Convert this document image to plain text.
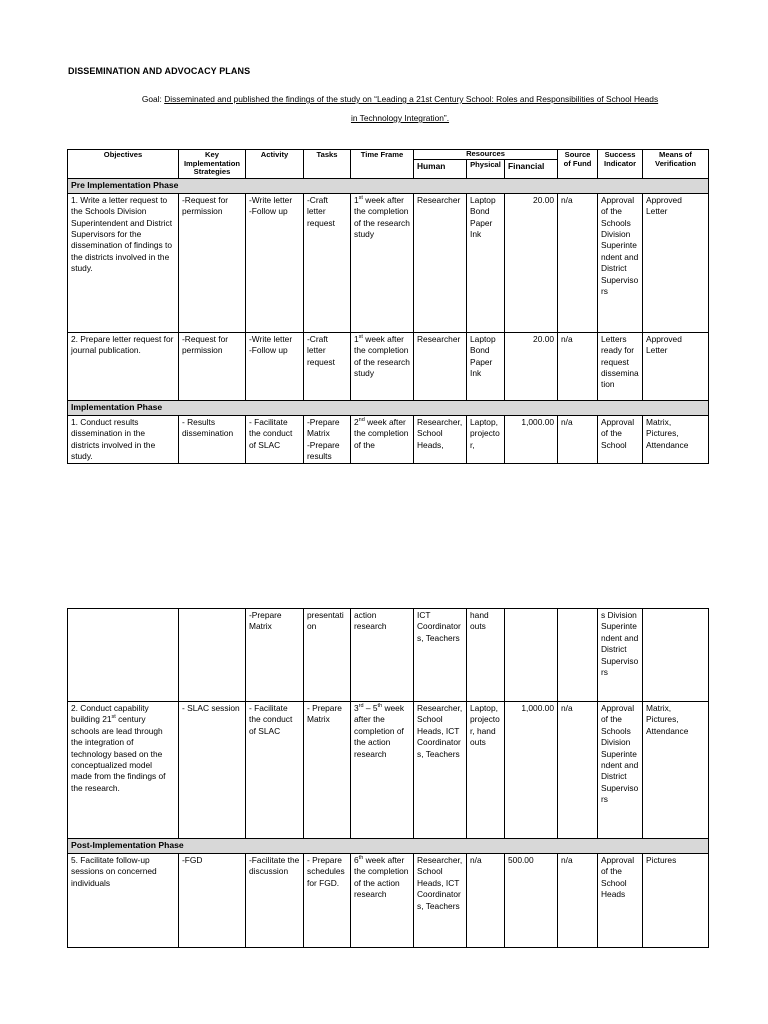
DISSEMINATION AND ADVOCACY PLANS
Goal: Disseminated and published the findings of the study on “Leading a 21st Century School: Roles and Responsibilities of School Heads
in Technology Integration”.
Objectives	Key Implementation Strategies	Activity	Tasks	Time Frame	Resources			Source of Fund	Success Indicator	Means of Verification
					Human	Physical	Financial			
Pre Implementation Phase										
1. Write a letter request to the Schools Division Superintendent and District Supervisors for the dissemination of findings to the districts involved in the study.	-Request for permission	-Write letter
-Follow up	-Craft letter request	1st week after the completion of the research study	Researcher	Laptop
Bond Paper
Ink	20.00	n/a	Approval of the Schools Division Superintendent and District Supervisors	Approved Letter
2. Prepare letter request for journal publication.	-Request for permission	-Write letter
-Follow up	-Craft letter request	1st week after the completion of the research study	Researcher	Laptop
Bond Paper
Ink	20.00	n/a	Letters ready for request dissemination	Approved Letter
Implementation Phase										
1. Conduct results dissemination in the districts involved in the study.	- Results dissemination	- Facilitate the conduct of SLAC	-Prepare Matrix
-Prepare results	2nd week after the completion of the	Researcher, School Heads,	Laptop, projector,	1,000.00	n/a	Approval of the School	Matrix, Pictures, Attendance
		-Prepare Matrix	presentation	action research	ICT Coordinators, Teachers	hand outs			s Division Superintendent and District Supervisors	
2. Conduct capability building 21st century schools are lead through the integration of technology based on the conceptualized model made from the findings of the research.	- SLAC session	- Facilitate the conduct of SLAC	- Prepare Matrix	3rd – 5th week after the completion of the action research	Researcher, School Heads, ICT Coordinators, Teachers	Laptop, projector, hand outs	1,000.00	n/a	Approval of the Schools Division Superintendent and District Supervisors	Matrix, Pictures, Attendance
Post-Implementation Phase										
5. Facilitate follow-up sessions on concerned individuals	-FGD	-Facilitate the discussion	- Prepare schedules for FGD.	6th week after the completion of the action research	Researcher, School Heads, ICT Coordinators, Teachers	n/a	500.00	n/a	Approval of the School Heads	Pictures
